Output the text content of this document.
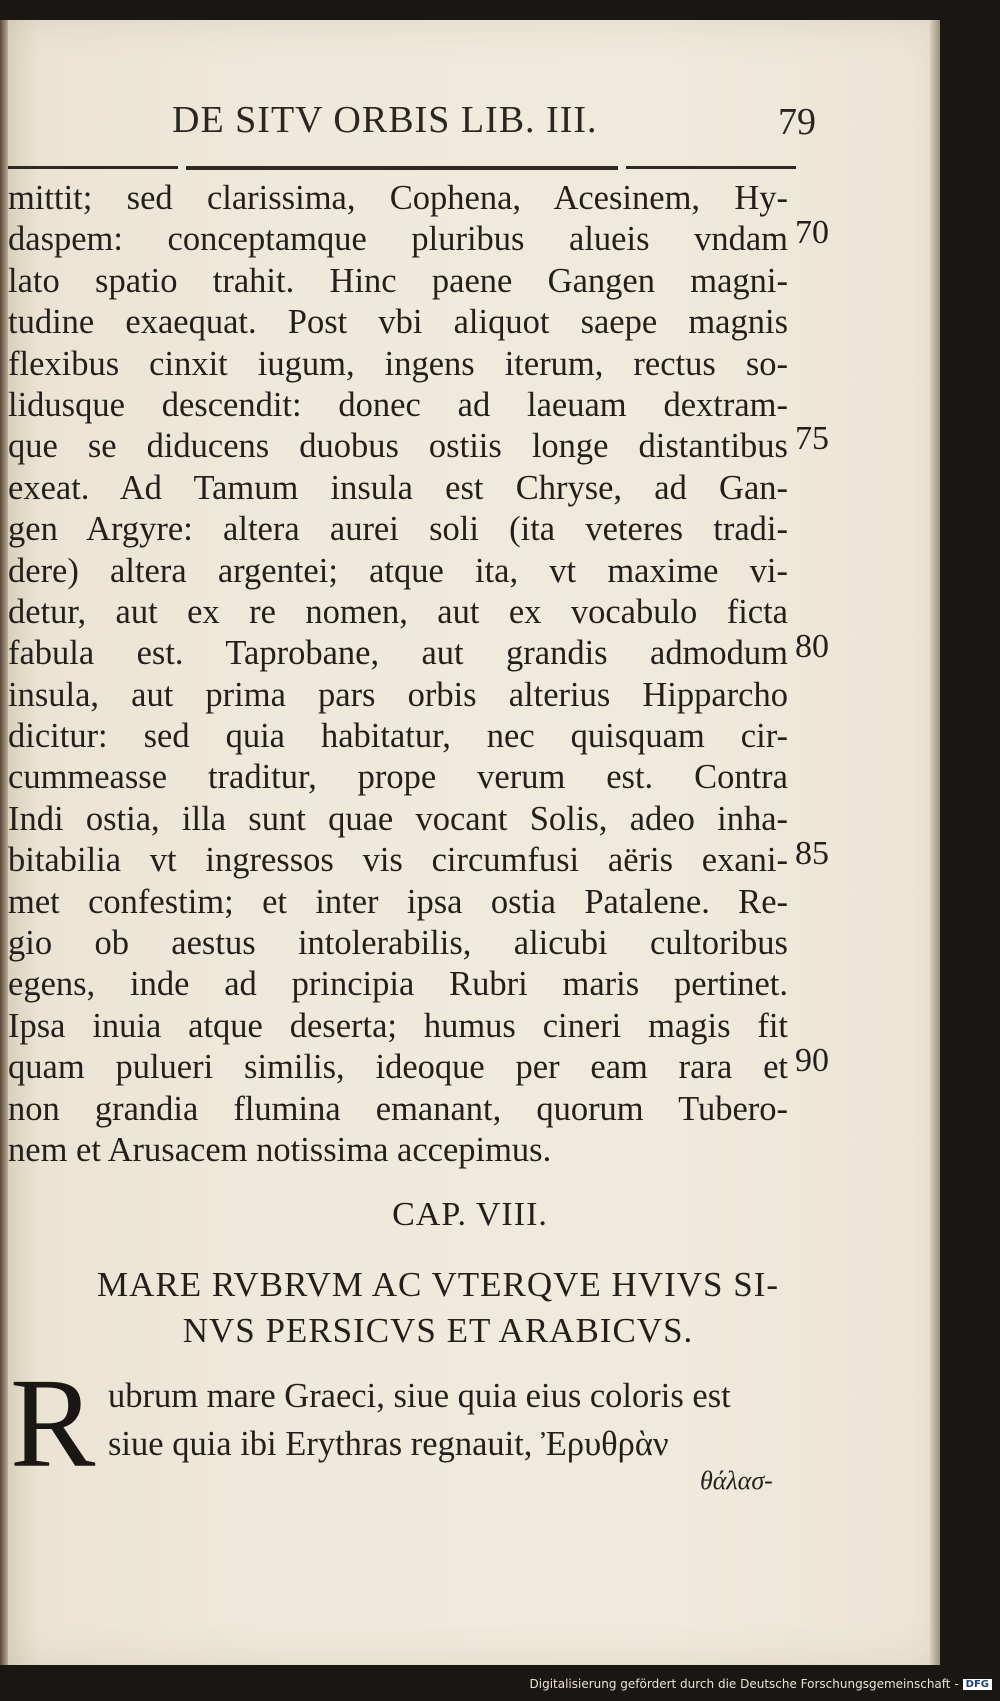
DE SITV ORBIS LIB. III.	79
mittit; sed clarissima, Cophena, Acesinem, Hy-
daspem: conceptamque pluribus alueis vndam
lato spatio trahit. Hinc paene Gangen magni-
tudine exaequat. Post vbi aliquot saepe magnis
flexibus cinxit iugum, ingens iterum, rectus so-
lidusque descendit: donec ad laeuam dextram-
que se diducens duobus ostiis longe distantibus
exeat. Ad Tamum insula est Chryse, ad Gan-
gen Argyre: altera aurei soli (ita veteres tradi-
dere) altera argentei; atque ita, vt maxime vi-
detur, aut ex re nomen, aut ex vocabulo ficta
fabula est. Taprobane, aut grandis admodum
insula, aut prima pars orbis alterius Hipparcho
dicitur: sed quia habitatur, nec quisquam cir-
cummeasse traditur, prope verum est. Contra
Indi ostia, illa sunt quae vocant Solis, adeo inha-
bitabilia vt ingressos vis circumfusi aëris exani-
met confestim; et inter ipsa ostia Patalene. Re-
gio ob aestus intolerabilis, alicubi cultoribus
egens, inde ad principia Rubri maris pertinet.
Ipsa inuia atque deserta; humus cineri magis fit
quam pulueri similis, ideoque per eam rara et
non grandia flumina emanant, quorum Tubero-
nem et Arusacem notissima accepimus.
70
75
80
85
90
CAP. VIII.
MARE RVBRVM AC VTERQVE HVIVS SI-
NVS PERSICVS ET ARABICVS.
R ubrum mare Graeci, siue quia eius coloris est
siue quia ibi Erythras regnauit, Ἐρυθρὰν
θάλασ-
Digitalisierung gefördert durch die Deutsche Forschungsgemeinschaft - DFG
